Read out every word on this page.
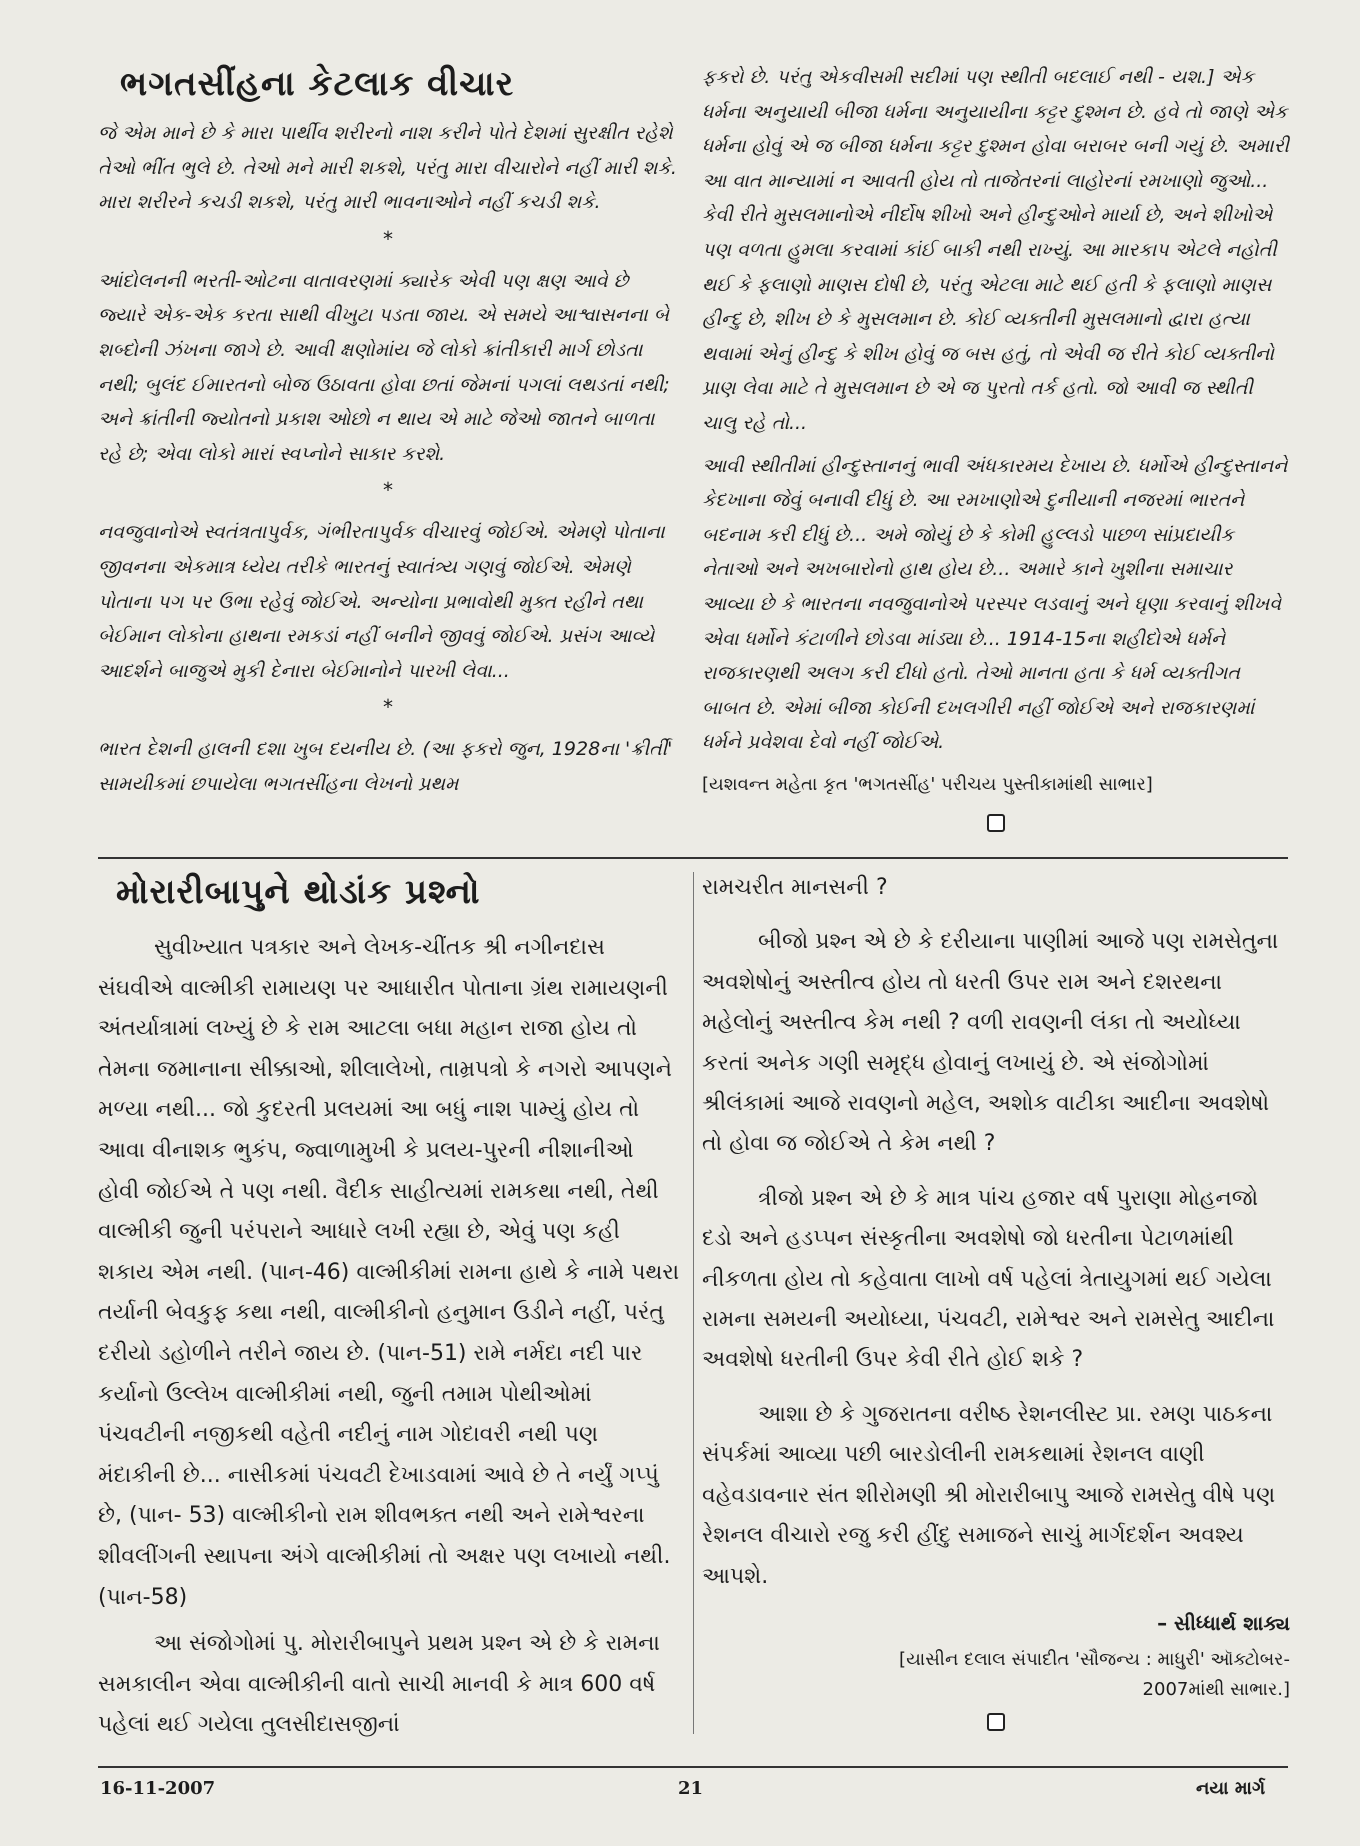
ભગતસીંહના કેટલાક વીચાર

જે એમ માને છે કે મારા પાર્થીવ શરીરનો નાશ કરીને પોતે દેશમાં સુરક્ષીત રહેશે તેઓ ભીંત ભુલે છે. તેઓ મને મારી શકશે, પરંતુ મારા વીચારોને નહીં મારી શકે. મારા શરીરને કચડી શકશે, પરંતુ મારી ભાવનાઓને નહીં કચડી શકે.

*

આંદોલનની ભરતી-ઓટના વાતાવરણમાં ક્યારેક એવી પણ ક્ષણ આવે છે જ્યારે એક-એક કરતા સાથી વીખુટા પડતા જાય. એ સમયે આશ્વાસનના બે શબ્દોની ઝંખના જાગે છે. આવી ક્ષણોમાંય જે લોકો ક્રાંતીકારી માર્ગ છોડતા નથી; બુલંદ ઈમારતનો બોજ ઉઠાવતા હોવા છતાં જેમનાં પગલાં લથડતાં નથી; અને ક્રાંતીની જ્યોતનો પ્રકાશ ઓછો ન થાય એ માટે જેઓ જાતને બાળતા રહે છે; એવા લોકો મારાં સ્વપ્નોને સાકાર કરશે.

*

નવજુવાનોએ સ્વતંત્રતાપુર્વક, ગંભીરતાપુર્વક વીચારવું જોઈએ. એમણે પોતાના જીવનના એકમાત્ર ધ્યેય તરીકે ભારતનું સ્વાતંત્ર્ય ગણવું જોઈએ. એમણે પોતાના પગ પર ઉભા રહેવું જોઈએ. અન્યોના પ્રભાવોથી મુક્ત રહીને તથા બેઈમાન લોકોના હાથના રમકડાં નહીં બનીને જીવવું જોઈએ. પ્રસંગ આવ્યે આદર્શને બાજુએ મુકી દેનારા બેઈમાનોને પારખી લેવા...

*

ભારત દેશની હાલની દશા ખુબ દયનીય છે. (આ ફકરો જુન, 1928ના 'ક્રીર્તી' સામયીકમાં છપાયેલા ભગતસીંહના લેખનો પ્રથમ

ફકરો છે. પરંતુ એકવીસમી સદીમાં પણ સ્થીતી બદલાઈ નથી - યશ.] એક ધર્મના અનુયાયી બીજા ધર્મના અનુયાયીના કટ્ટર દુશ્મન છે. હવે તો જાણે એક ધર્મના હોવું એ જ બીજા ધર્મના કટ્ટર દુશ્મન હોવા બરાબર બની ગયું છે. અમારી આ વાત માન્યામાં ન આવતી હોય તો તાજેતરનાં લાહોરનાં રમખાણો જુઓ... કેવી રીતે મુસલમાનોએ નીર્દોષ શીખો અને હીન્દુઓને માર્યા છે, અને શીખોએ પણ વળતા હુમલા કરવામાં કાંઈ બાકી નથી રાખ્યું. આ મારકાપ એટલે નહોતી થઈ કે ફલાણો માણસ દોષી છે, પરંતુ એટલા માટે થઈ હતી કે ફલાણો માણસ હીન્દુ છે, શીખ છે કે મુસલમાન છે. કોઈ વ્યક્તીની મુસલમાનો દ્વારા હત્યા થવામાં એનું હીન્દુ કે શીખ હોવું જ બસ હતું, તો એવી જ રીતે કોઈ વ્યક્તીનો પ્રાણ લેવા માટે તે મુસલમાન છે એ જ પુરતો તર્ક હતો. જો આવી જ સ્થીતી ચાલુ રહે તો...

આવી સ્થીતીમાં હીન્દુસ્તાનનું ભાવી અંધકારમય દેખાય છે. ધર્મોએ હીન્દુસ્તાનને કેદખાના જેવું બનાવી દીધું છે. આ રમખાણોએ દુનીયાની નજરમાં ભારતને બદનામ કરી દીધું છે... અમે જોયું છે કે કોમી હુલ્લડો પાછળ સાંપ્રદાયીક નેતાઓ અને અખબારોનો હાથ હોય છે... અમારે કાને ખુશીના સમાચાર આવ્યા છે કે ભારતના નવજુવાનોએ પરસ્પર લડવાનું અને ઘૃણા કરવાનું શીખવે એવા ધર્મોને કંટાળીને છોડવા માંડ્યા છે... 1914-15ના શહીદોએ ધર્મને રાજકારણથી અલગ કરી દીધો હતો. તેઓ માનતા હતા કે ધર્મ વ્યક્તીગત બાબત છે. એમાં બીજા કોઈની દખલગીરી નહીં જોઈએ અને રાજકારણમાં ધર્મને પ્રવેશવા દેવો નહીં જોઈએ.

[યશવન્ત મહેતા કૃત 'ભગતસીંહ' પરીચય પુસ્તીકામાંથી સાભાર]
મોરારીબાપુને થોડાંક પ્રશ્નો

સુવીખ્યાત પત્રકાર અને લેખક-ચીંતક શ્રી નગીનદાસ સંઘવીએ વાલ્મીકી રામાયણ પર આધારીત પોતાના ગ્રંથ રામાયણની અંતર્યાત્રામાં લખ્યું છે કે રામ આટલા બધા મહાન રાજા હોય તો તેમના જમાનાના સીક્કાઓ, શીલાલેખો, તામ્રપત્રો કે નગરો આપણને મળ્યા નથી... જો કુદરતી પ્રલયમાં આ બધું નાશ પામ્યું હોય તો આવા વીનાશક ભુકંપ, જ્વાળામુખી કે પ્રલય-પુરની નીશાનીઓ હોવી જોઈએ તે પણ નથી. વૈદીક સાહીત્યમાં રામકથા નથી, તેથી વાલ્મીકી જુની પરંપરાને આધારે લખી રહ્યા છે, એવું પણ કહી શકાય એમ નથી. (પાન-46) વાલ્મીકીમાં રામના હાથે કે નામે પથરા તર્યાની બેવકુફ કથા નથી, વાલ્મીકીનો હનુમાન ઉડીને નહીં, પરંતુ દરીયો ડહોળીને તરીને જાય છે. (પાન-51) રામે નર્મદા નદી પાર કર્યાનો ઉલ્લેખ વાલ્મીકીમાં નથી, જુની તમામ પોથીઓમાં પંચવટીની નજીકથી વહેતી નદીનું નામ ગોદાવરી નથી પણ મંદાકીની છે... નાસીકમાં પંચવટી દેખાડવામાં આવે છે તે નર્યું ગપ્પું છે, (પાન- 53) વાલ્મીકીનો રામ શીવભક્ત નથી અને રામેશ્વરના શીવલીંગની સ્થાપના અંગે વાલ્મીકીમાં તો અક્ષર પણ લખાયો નથી. (પાન-58)

આ સંજોગોમાં પુ. મોરારીબાપુને પ્રથમ પ્રશ્ન એ છે કે રામના સમકાલીન એવા વાલ્મીકીની વાતો સાચી માનવી કે માત્ર 600 વર્ષ પહેલાં થઈ ગયેલા તુલસીદાસજીનાં

રામચરીત માનસની ?

બીજો પ્રશ્ન એ છે કે દરીયાના પાણીમાં આજે પણ રામસેતુના અવશેષોનું અસ્તીત્વ હોય તો ધરતી ઉપર રામ અને દશરથના મહેલોનું અસ્તીત્વ કેમ નથી ? વળી રાવણની લંકા તો અયોધ્યા કરતાં અનેક ગણી સમૃદ્ધ હોવાનું લખાયું છે. એ સંજોગોમાં શ્રીલંકામાં આજે રાવણનો મહેલ, અશોક વાટીકા આદીના અવશેષો તો હોવા જ જોઈએ તે કેમ નથી ?

ત્રીજો પ્રશ્ન એ છે કે માત્ર પાંચ હજાર વર્ષ પુરાણા મોહનજો દડો અને હડપ્પન સંસ્કૃતીના અવશેષો જો ધરતીના પેટાળમાંથી નીકળતા હોય તો કહેવાતા લાખો વર્ષ પહેલાં ત્રેતાયુગમાં થઈ ગયેલા રામના સમયની અયોધ્યા, પંચવટી, રામેશ્વર અને રામસેતુ આદીના અવશેષો ધરતીની ઉપર કેવી રીતે હોઈ શકે ?

આશા છે કે ગુજરાતના વરીષ્ઠ રેશનલીસ્ટ પ્રા. રમણ પાઠકના સંપર્કમાં આવ્યા પછી બારડોલીની રામકથામાં રેશનલ વાણી વહેવડાવનાર સંત શીરોમણી શ્રી મોરારીબાપુ આજે રામસેતુ વીષે પણ રેશનલ વીચારો રજુ કરી હીંદુ સમાજને સાચું માર્ગદર્શન અવશ્ય આપશે.

– સીધ્ધાર્થ શાક્ય
[યાસીન દલાલ સંપાદીત 'સૌજન્ય : માધુરી' ઑક્ટોબર-
2007માંથી સાભાર.]
16-11-2007	21	નયા માર્ગ
